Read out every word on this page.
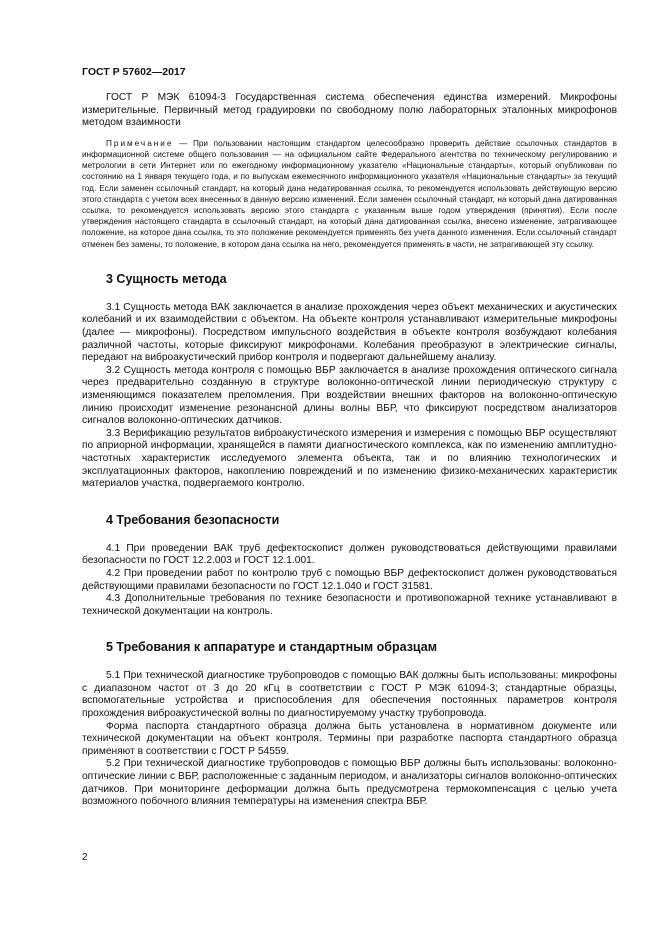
ГОСТ Р 57602—2017

ГОСТ Р МЭК 61094-3 Государственная система обеспечения единства измерений. Микрофоны измерительные. Первичный метод градуировки по свободному полю лабораторных эталонных микрофонов методом взаимности

Примечание — При пользовании настоящим стандартом целесообразно проверить действие ссылочных стандартов в информационной системе общего пользования — на официальном сайте Федерального агентства по техническому регулированию и метрологии в сети Интернет или по ежегодному информационному указателю «Национальные стандарты», который опубликован по состоянию на 1 января текущего года, и по выпускам ежемесячного информационного указателя «Национальные стандарты» за текущий год. Если заменен ссылочный стандарт, на который дана недатированная ссылка, то рекомендуется использовать действующую версию этого стандарта с учетом всех внесенных в данную версию изменений. Если заменен ссылочный стандарт, на который дана датированная ссылка, то рекомендуется использовать версию этого стандарта с указанным выше годом утверждения (принятия). Если после утверждения настоящего стандарта в ссылочный стандарт, на который дана датированная ссылка, внесено изменение, затрагивающее положение, на которое дана ссылка, то это положение рекомендуется применять без учета данного изменения. Если ссылочный стандарт отменен без замены, то положение, в котором дана ссылка на него, рекомендуется применять в части, не затрагивающей эту ссылку.
3 Сущность метода

3.1 Сущность метода ВАК заключается в анализе прохождения через объект механических и акустических колебаний и их взаимодействии с объектом. На объекте контроля устанавливают измерительные микрофоны (далее — микрофоны). Посредством импульсного воздействия в объекте контроля возбуждают колебания различной частоты, которые фиксируют микрофонами. Колебания преобразуют в электрические сигналы, передают на виброакустический прибор контроля и подвергают дальнейшему анализу.

3.2 Сущность метода контроля с помощью ВБР заключается в анализе прохождения оптического сигнала через предварительно созданную в структуре волоконно-оптической линии периодическую структуру с изменяющимся показателем преломления. При воздействии внешних факторов на волоконно-оптическую линию происходит изменение резонансной длины волны ВБР, что фиксируют посредством анализаторов сигналов волоконно-оптических датчиков.

3.3 Верификацию результатов виброакустического измерения и измерения с помощью ВБР осуществляют по априорной информации, хранящейся в памяти диагностического комплекса, как по изменению амплитудно-частотных характеристик исследуемого элемента объекта, так и по влиянию технологических и эксплуатационных факторов, накоплению повреждений и по изменению физико-механических характеристик материалов участка, подвергаемого контролю.

4 Требования безопасности

4.1 При проведении ВАК труб дефектоскопист должен руководствоваться действующими правилами безопасности по ГОСТ 12.2.003 и ГОСТ 12.1.001.

4.2 При проведении работ по контролю труб с помощью ВБР дефектоскопист должен руководствоваться действующими правилами безопасности по ГОСТ 12.1.040 и ГОСТ 31581.

4.3 Дополнительные требования по технике безопасности и противопожарной технике устанавливают в технической документации на контроль.

5 Требования к аппаратуре и стандартным образцам

5.1 При технической диагностике трубопроводов с помощью ВАК должны быть использованы: микрофоны с диапазоном частот от 3 до 20 кГц в соответствии с ГОСТ Р МЭК 61094-3; стандартные образцы, вспомогательные устройства и приспособления для обеспечения постоянных параметров контроля прохождения виброакустической волны по диагностируемому участку трубопровода.

Форма паспорта стандартного образца должна быть установлена в нормативном документе или технической документации на объект контроля. Термины при разработке паспорта стандартного образца применяют в соответствии с ГОСТ Р 54559.

5.2 При технической диагностике трубопроводов с помощью ВБР должны быть использованы: волоконно-оптические линии с ВБР, расположенные с заданным периодом, и анализаторы сигналов волоконно-оптических датчиков. При мониторинге деформации должна быть предусмотрена термокомпенсация с целью учета возможного побочного влияния температуры на изменения спектра ВБР.

2
